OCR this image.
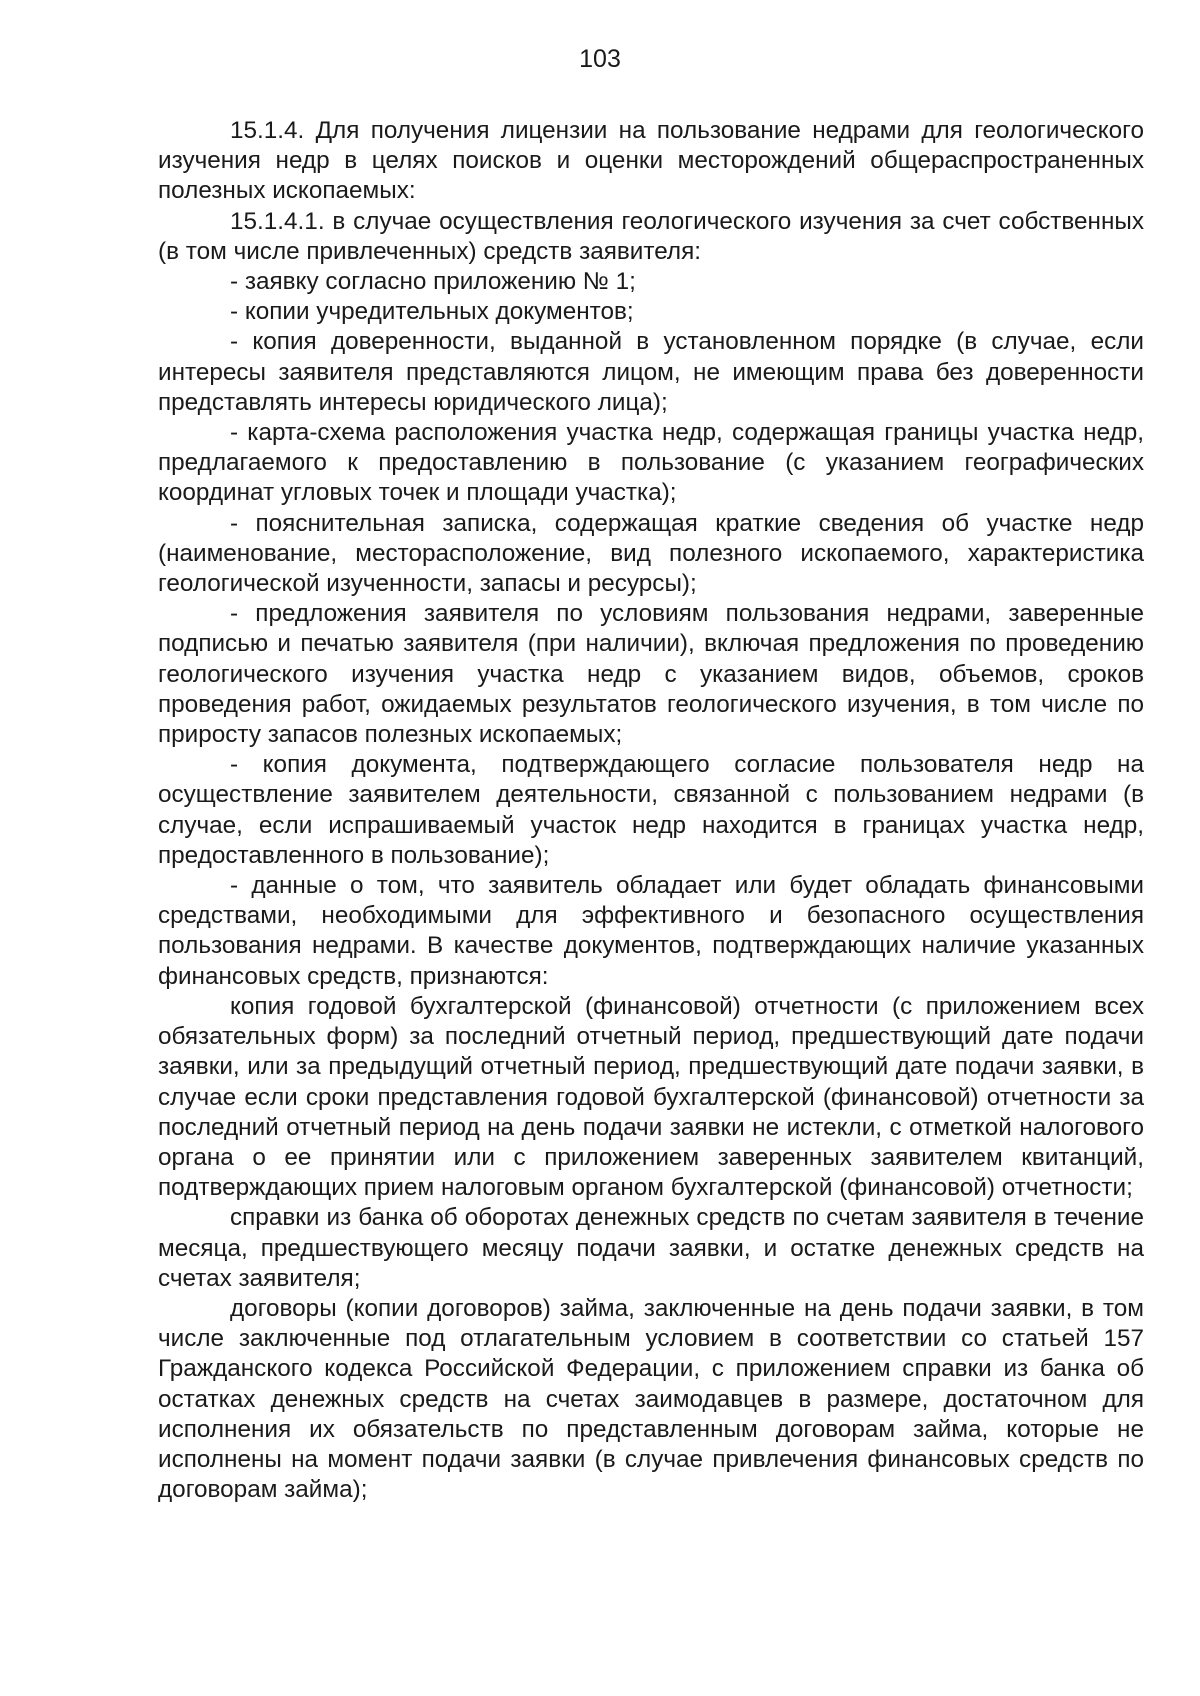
103

15.1.4. Для получения лицензии на пользование недрами для геологического изучения недр в целях поисков и оценки месторождений общераспространенных полезных ископаемых:

15.1.4.1. в случае осуществления геологического изучения за счет собственных (в том числе привлеченных) средств заявителя:

- заявку согласно приложению № 1;

- копии учредительных документов;

- копия доверенности, выданной в установленном порядке (в случае, если интересы заявителя представляются лицом, не имеющим права без доверенности представлять интересы юридического лица);

- карта-схема расположения участка недр, содержащая границы участка недр, предлагаемого к предоставлению в пользование (с указанием географических координат угловых точек и площади участка);

- пояснительная записка, содержащая краткие сведения об участке недр (наименование, месторасположение, вид полезного ископаемого, характеристика геологической изученности, запасы и ресурсы);

- предложения заявителя по условиям пользования недрами, заверенные подписью и печатью заявителя (при наличии), включая предложения по проведению геологического изучения участка недр с указанием видов, объемов, сроков проведения работ, ожидаемых результатов геологического изучения, в том числе по приросту запасов полезных ископаемых;

- копия документа, подтверждающего согласие пользователя недр на осуществление заявителем деятельности, связанной с пользованием недрами (в случае, если испрашиваемый участок недр находится в границах участка недр, предоставленного в пользование);

- данные о том, что заявитель обладает или будет обладать финансовыми средствами, необходимыми для эффективного и безопасного осуществления пользования недрами. В качестве документов, подтверждающих наличие указанных финансовых средств, признаются:

копия годовой бухгалтерской (финансовой) отчетности (с приложением всех обязательных форм) за последний отчетный период, предшествующий дате подачи заявки, или за предыдущий отчетный период, предшествующий дате подачи заявки, в случае если сроки представления годовой бухгалтерской (финансовой) отчетности за последний отчетный период на день подачи заявки не истекли, с отметкой налогового органа о ее принятии или с приложением заверенных заявителем квитанций, подтверждающих прием налоговым органом бухгалтерской (финансовой) отчетности;

справки из банка об оборотах денежных средств по счетам заявителя в течение месяца, предшествующего месяцу подачи заявки, и остатке денежных средств на счетах заявителя;

договоры (копии договоров) займа, заключенные на день подачи заявки, в том числе заключенные под отлагательным условием в соответствии со статьей 157 Гражданского кодекса Российской Федерации, с приложением справки из банка об остатках денежных средств на счетах заимодавцев в размере, достаточном для исполнения их обязательств по представленным договорам займа, которые не исполнены на момент подачи заявки (в случае привлечения финансовых средств по договорам займа);
